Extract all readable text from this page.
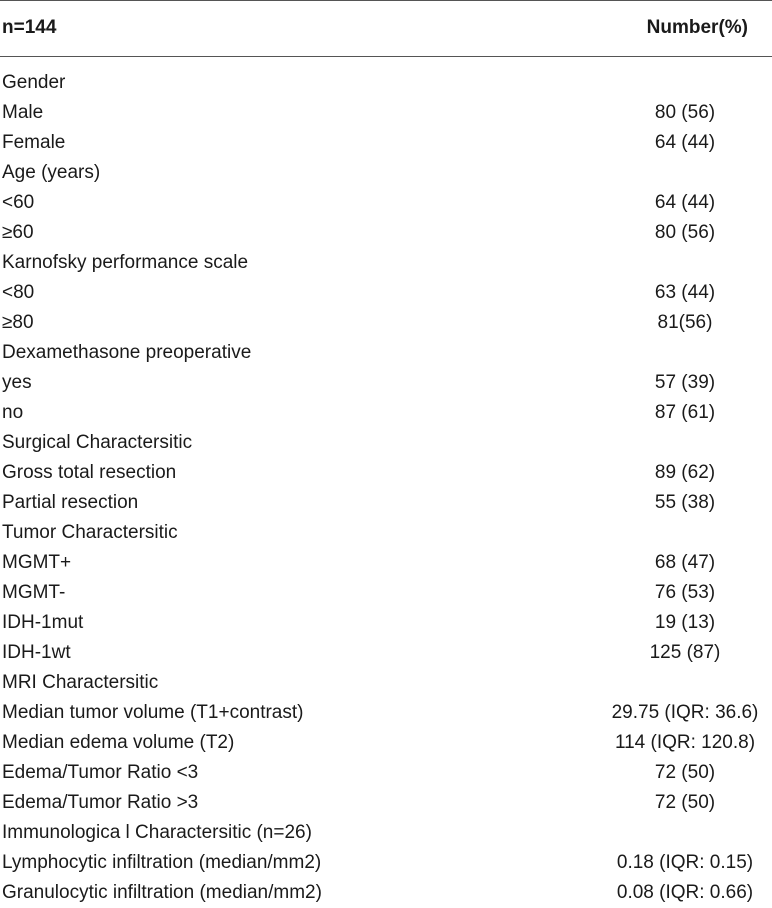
n=144	Number(%)
Gender
Male	80 (56)
Female	64 (44)
Age (years)
<60	64 (44)
≥60	80 (56)
Karnofsky performance scale
<80	63 (44)
≥80	81(56)
Dexamethasone preoperative
yes	57 (39)
no	87 (61)
Surgical Charactersitic
Gross total resection	89 (62)
Partial resection	55 (38)
Tumor Charactersitic
MGMT+	68 (47)
MGMT-	76 (53)
IDH-1mut	19 (13)
IDH-1wt	125 (87)
MRI Charactersitic
Median tumor volume (T1+contrast)	29.75 (IQR: 36.6)
Median edema volume (T2)	114 (IQR: 120.8)
Edema/Tumor Ratio <3	72 (50)
Edema/Tumor Ratio >3	72 (50)
Immunologica l Charactersitic (n=26)
Lymphocytic infiltration (median/mm2)	0.18 (IQR: 0.15)
Granulocytic infiltration (median/mm2)	0.08 (IQR: 0.66)
